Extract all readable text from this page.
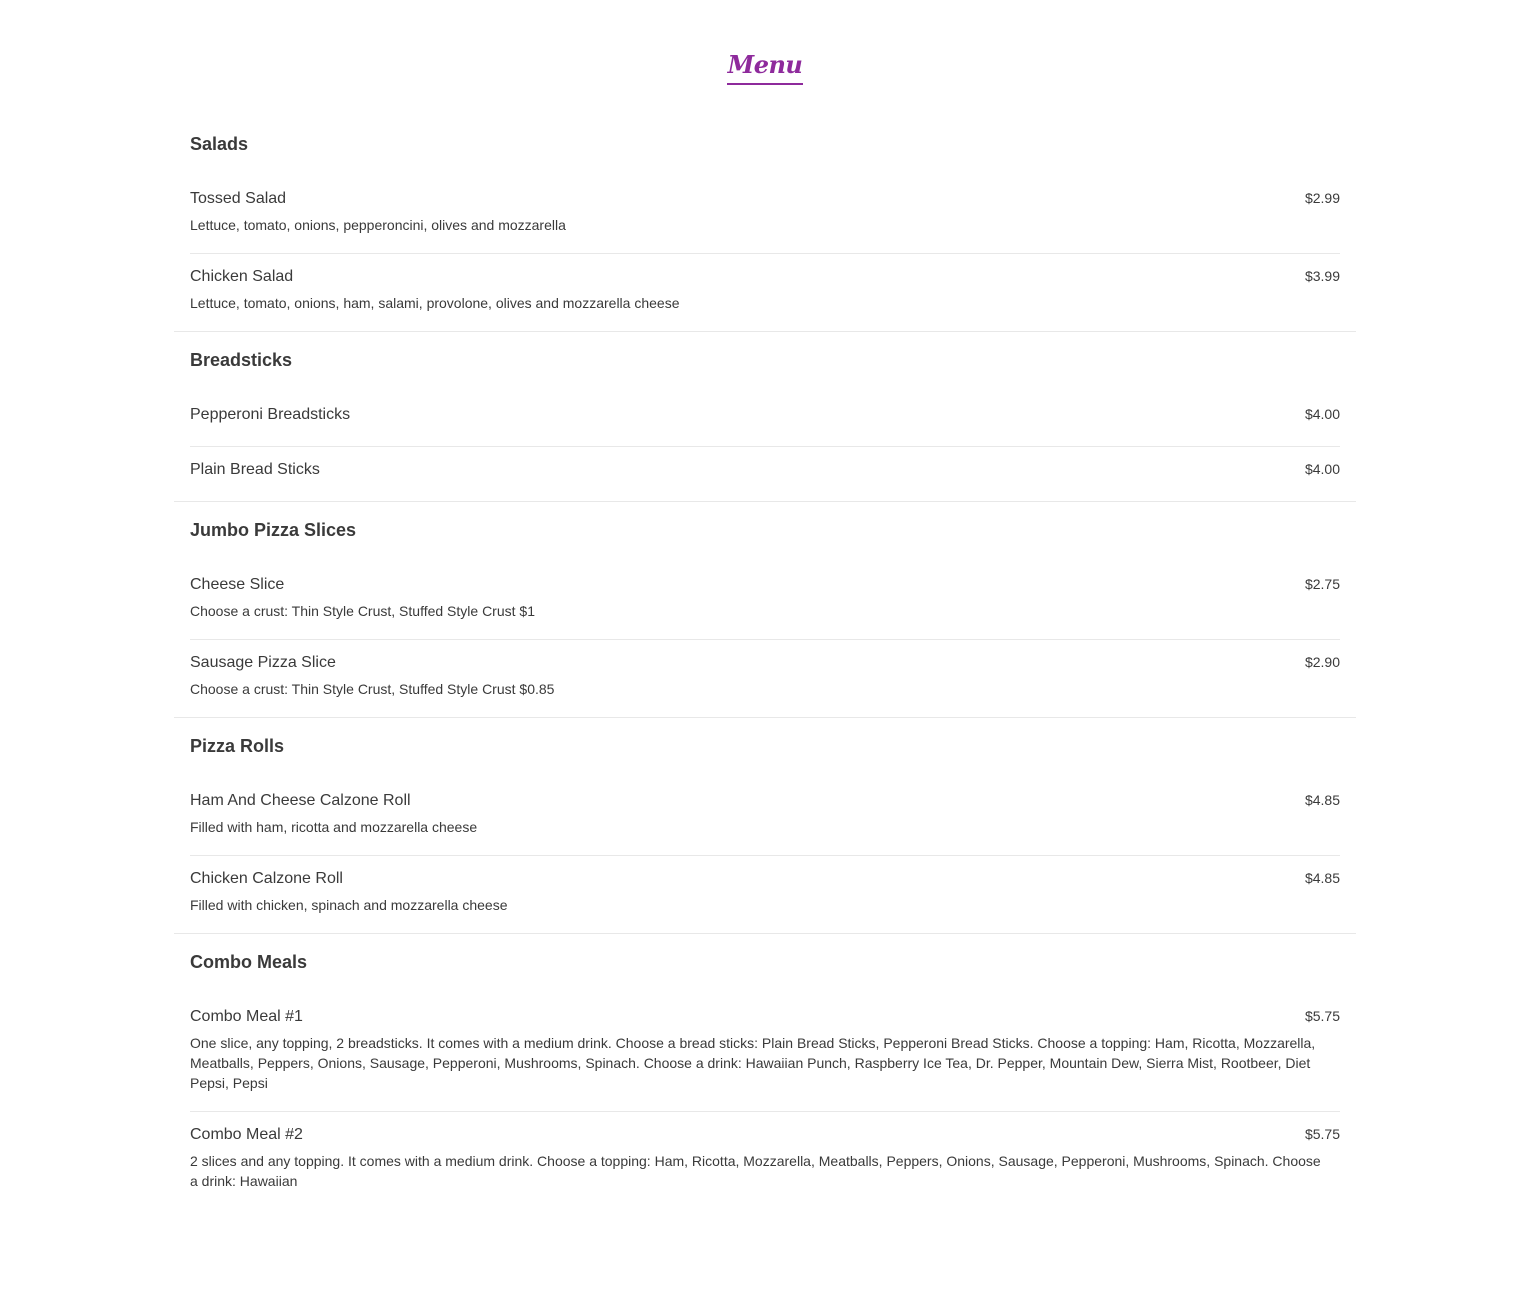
Menu
Salads
Tossed Salad	$2.99
Lettuce, tomato, onions, pepperoncini, olives and mozzarella
Chicken Salad	$3.99
Lettuce, tomato, onions, ham, salami, provolone, olives and mozzarella cheese
Breadsticks
Pepperoni Breadsticks	$4.00
Plain Bread Sticks	$4.00
Jumbo Pizza Slices
Cheese Slice	$2.75
Choose a crust: Thin Style Crust, Stuffed Style Crust $1
Sausage Pizza Slice	$2.90
Choose a crust: Thin Style Crust, Stuffed Style Crust $0.85
Pizza Rolls
Ham And Cheese Calzone Roll	$4.85
Filled with ham, ricotta and mozzarella cheese
Chicken Calzone Roll	$4.85
Filled with chicken, spinach and mozzarella cheese
Combo Meals
Combo Meal #1	$5.75
One slice, any topping, 2 breadsticks. It comes with a medium drink. Choose a bread sticks: Plain Bread Sticks, Pepperoni Bread Sticks. Choose a topping: Ham, Ricotta, Mozzarella, Meatballs, Peppers, Onions, Sausage, Pepperoni, Mushrooms, Spinach. Choose a drink: Hawaiian Punch, Raspberry Ice Tea, Dr. Pepper, Mountain Dew, Sierra Mist, Rootbeer, Diet Pepsi, Pepsi
Combo Meal #2	$5.75
2 slices and any topping. It comes with a medium drink. Choose a topping: Ham, Ricotta, Mozzarella, Meatballs, Peppers, Onions, Sausage, Pepperoni, Mushrooms, Spinach. Choose a drink: Hawaiian
